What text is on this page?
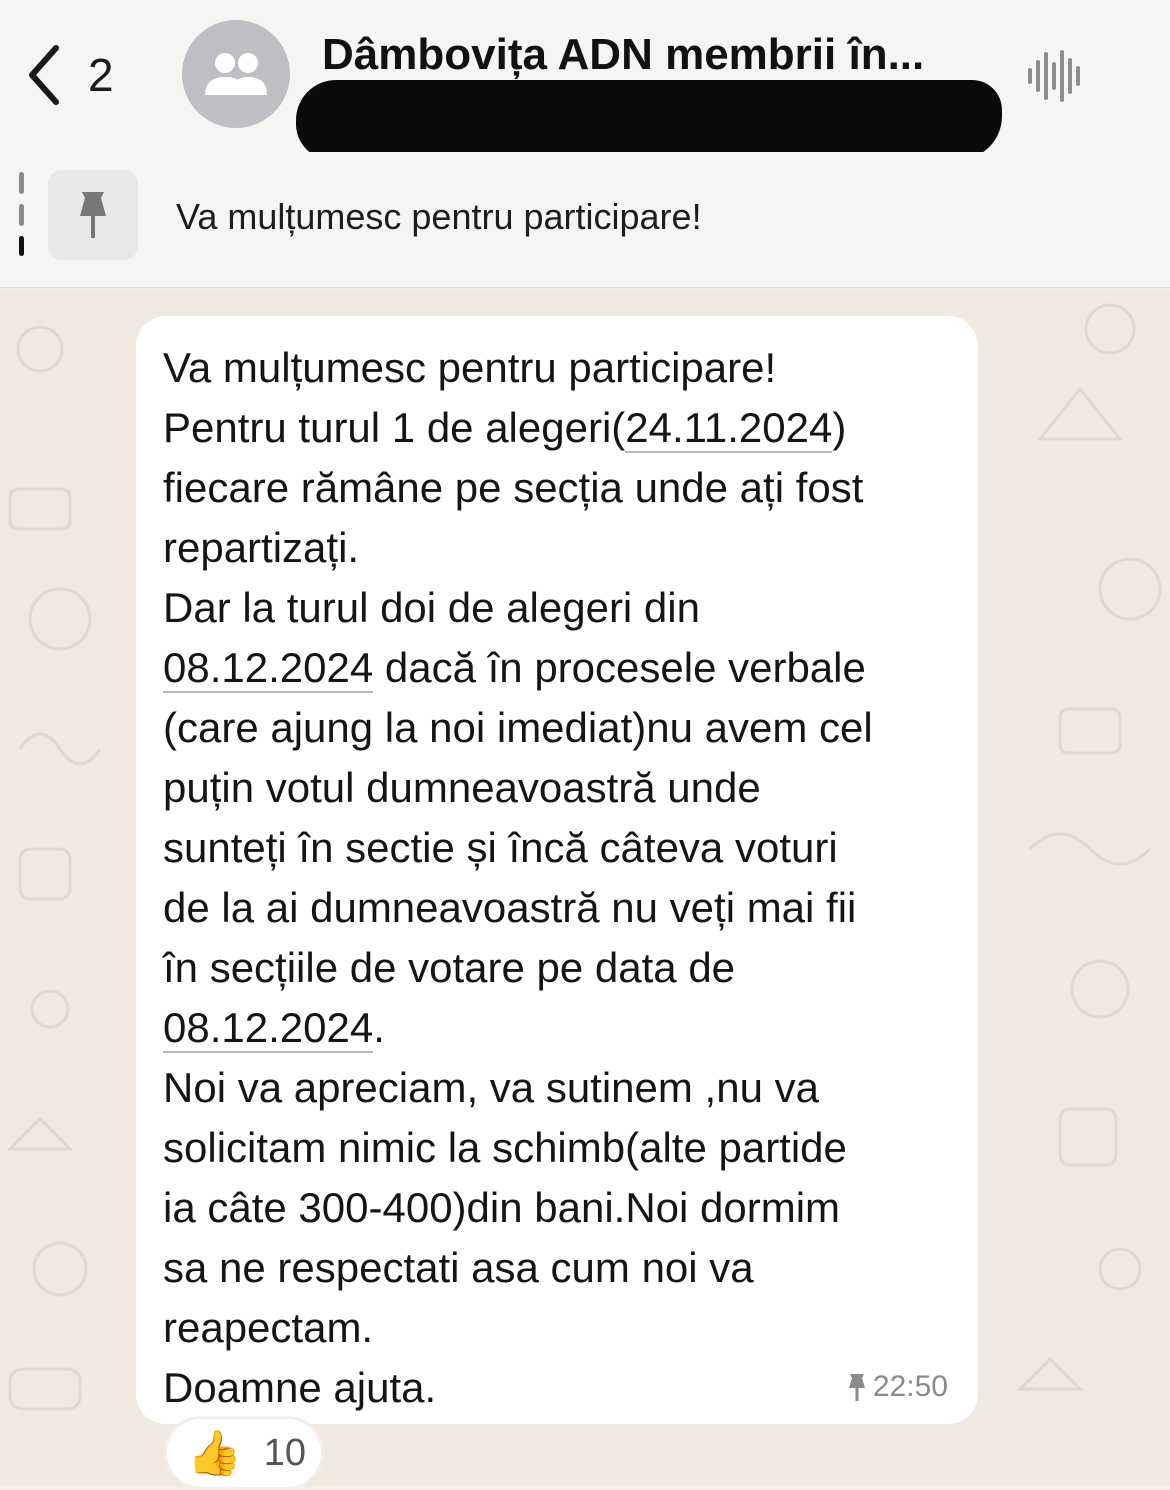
2	Dâmbovița ADN membrii în...
Va mulțumesc pentru participare!
Va mulțumesc pentru participare!
Pentru turul 1 de alegeri(24.11.2024)
fiecare rămâne pe secția unde ați fost
repartizați.
Dar la turul doi de alegeri din
08.12.2024 dacă în procesele verbale
(care ajung la noi imediat)nu avem cel
puțin votul dumneavoastră unde
sunteți în sectie și încă câteva voturi
de la ai dumneavoastră nu veți mai fii
în secțiile de votare pe data de
08.12.2024.
Noi va apreciam, va sutinem ,nu va
solicitam nimic la schimb(alte partide
ia câte 300-400)din bani.Noi dormim
sa ne respectati asa cum noi va
reapectam.
Doamne ajuta.	22:50
👍 10
